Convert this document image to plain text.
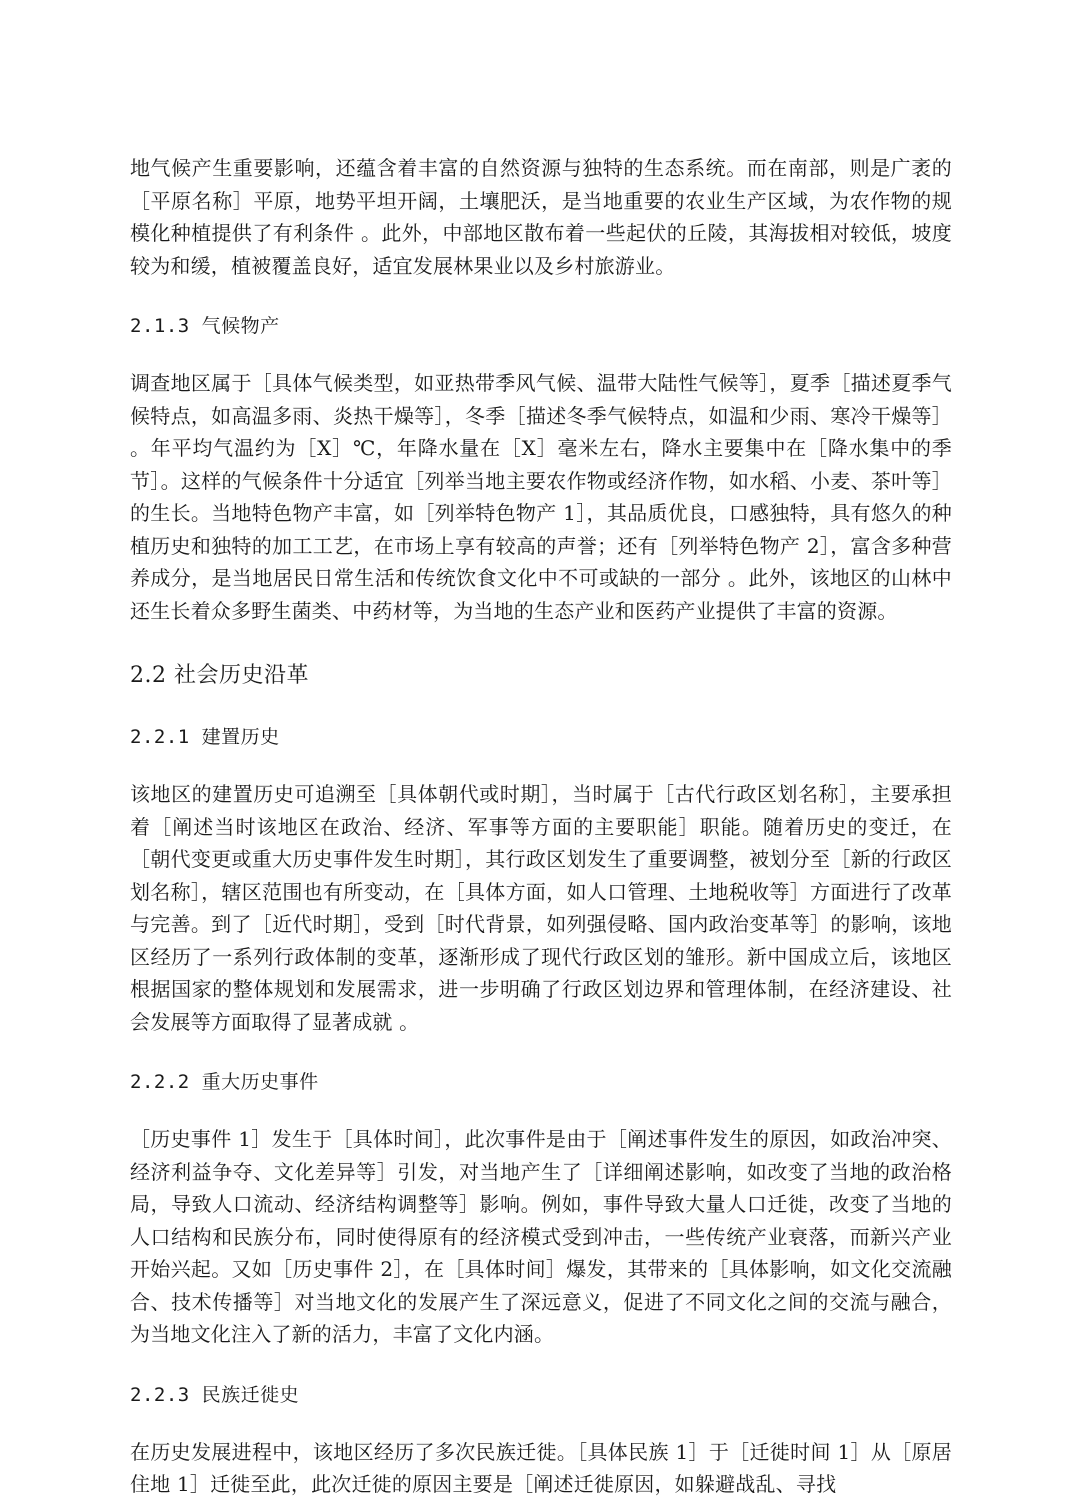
地气候产生重要影响，还蕴含着丰富的自然资源与独特的生态系统。而在南部，则是广袤的［平原名称］平原，地势平坦开阔，土壤肥沃，是当地重要的农业生产区域，为农作物的规模化种植提供了有利条件 。此外，中部地区散布着一些起伏的丘陵，其海拔相对较低，坡度较为和缓，植被覆盖良好，适宜发展林果业以及乡村旅游业。

2.1.3 气候物产

调查地区属于［具体气候类型，如亚热带季风气候、温带大陆性气候等］，夏季［描述夏季气候特点，如高温多雨、炎热干燥等］，冬季［描述冬季气候特点，如温和少雨、寒冷干燥等］ 。年平均气温约为［X］℃，年降水量在［X］毫米左右，降水主要集中在［降水集中的季节］。这样的气候条件十分适宜［列举当地主要农作物或经济作物，如水稻、小麦、茶叶等］的生长。当地特色物产丰富，如［列举特色物产 1］，其品质优良，口感独特，具有悠久的种植历史和独特的加工工艺，在市场上享有较高的声誉；还有［列举特色物产 2］，富含多种营养成分，是当地居民日常生活和传统饮食文化中不可或缺的一部分 。此外，该地区的山林中还生长着众多野生菌类、中药材等，为当地的生态产业和医药产业提供了丰富的资源。

2.2 社会历史沿革
2.2.1 建置历史

该地区的建置历史可追溯至［具体朝代或时期］，当时属于［古代行政区划名称］，主要承担着［阐述当时该地区在政治、经济、军事等方面的主要职能］职能。随着历史的变迁，在［朝代变更或重大历史事件发生时期］，其行政区划发生了重要调整，被划分至［新的行政区划名称］，辖区范围也有所变动，在［具体方面，如人口管理、土地税收等］方面进行了改革与完善。到了［近代时期］，受到［时代背景，如列强侵略、国内政治变革等］的影响，该地区经历了一系列行政体制的变革，逐渐形成了现代行政区划的雏形。新中国成立后，该地区根据国家的整体规划和发展需求，进一步明确了行政区划边界和管理体制，在经济建设、社会发展等方面取得了显著成就 。

2.2.2 重大历史事件

［历史事件 1］发生于［具体时间］，此次事件是由于［阐述事件发生的原因，如政治冲突、经济利益争夺、文化差异等］引发，对当地产生了［详细阐述影响，如改变了当地的政治格局，导致人口流动、经济结构调整等］影响。例如，事件导致大量人口迁徙，改变了当地的人口结构和民族分布，同时使得原有的经济模式受到冲击，一些传统产业衰落，而新兴产业开始兴起。又如［历史事件 2］，在［具体时间］爆发，其带来的［具体影响，如文化交流融合、技术传播等］对当地文化的发展产生了深远意义，促进了不同文化之间的交流与融合，为当地文化注入了新的活力，丰富了文化内涵。

2.2.3 民族迁徙史

在历史发展进程中，该地区经历了多次民族迁徙。［具体民族 1］于［迁徙时间 1］从［原居住地 1］迁徙至此，此次迁徙的原因主要是［阐述迁徙原因，如躲避战乱、寻找
